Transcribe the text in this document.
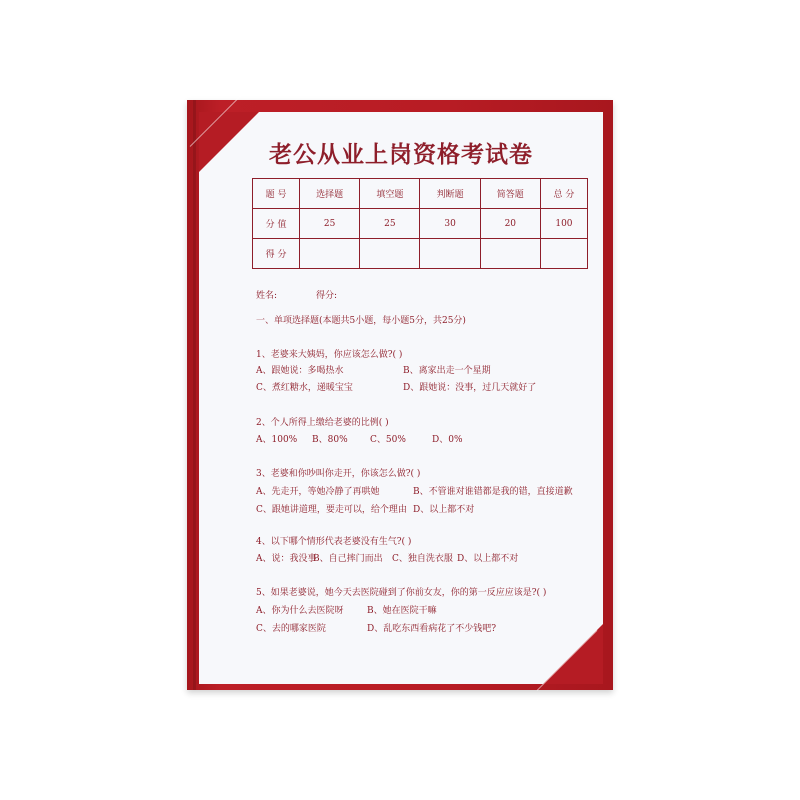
老公从业上岗资格考试卷
题 号	选择题	填空题	判断题	简答题	总 分
分 值	25	25	30	20	100
得 分					
姓名:	得分:
一、单项选择题(本题共5小题，每小题5分，共25分)
1、老婆来大姨妈，你应该怎么做?( )
A、跟她说：多喝热水	B、离家出走一个星期
C、煮红糖水，递暖宝宝	D、跟她说：没事，过几天就好了
2、个人所得上缴给老婆的比例( )
A、100% B、80% C、50%	D、0%
3、老婆和你吵叫你走开，你该怎么做?( )
A、先走开，等她冷静了再哄她	B、不管谁对谁错都是我的错，直接道歉
C、跟她讲道理，要走可以，给个理由 D、以上都不对
4、以下哪个情形代表老婆没有生气?( )
A、说：我没事
B、自己摔门而出 C、独自洗衣服 D、以上都不对
5、如果老婆说，她今天去医院碰到了你前女友，你的第一反应应该是?( )
A、你为什么去医院呀	B、她在医院干嘛
C、去的哪家医院	D、乱吃东西看病花了不少钱吧?
